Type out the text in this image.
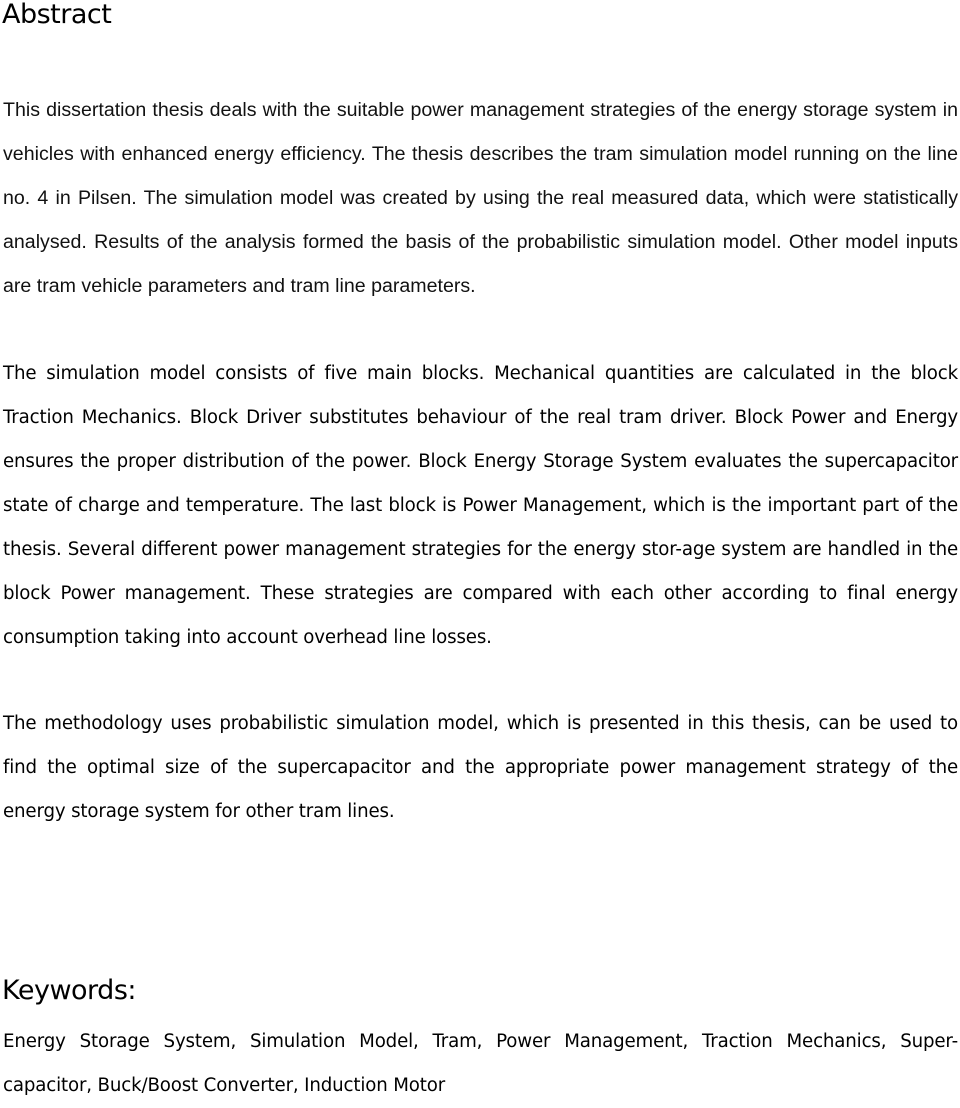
Abstract

This dissertation thesis deals with the suitable power management strategies of the energy storage system in vehicles with enhanced energy efficiency. The thesis describes the tram simulation model running on the line no. 4 in Pilsen. The simulation model was created by using the real measured data, which were statistically analysed. Results of the analysis formed the basis of the probabilistic simulation model. Other model inputs are tram vehicle parameters and tram line parameters.

The simulation model consists of five main blocks. Mechanical quantities are calculated in the block Traction Mechanics. Block Driver substitutes behaviour of the real tram driver. Block Power and Energy ensures the proper distribution of the power. Block Energy Storage System evaluates the supercapacitor state of charge and temperature. The last block is Power Management, which is the important part of the thesis. Several different power management strategies for the energy stor-age system are handled in the block Power management. These strategies are compared with each other according to final energy consumption taking into account overhead line losses.

The methodology uses probabilistic simulation model, which is presented in this thesis, can be used to find the optimal size of the supercapacitor and the appropriate power management strategy of the energy storage system for other tram lines.

Keywords:

Energy Storage System, Simulation Model, Tram, Power Management, Traction Mechanics, Super-capacitor, Buck/Boost Converter, Induction Motor
